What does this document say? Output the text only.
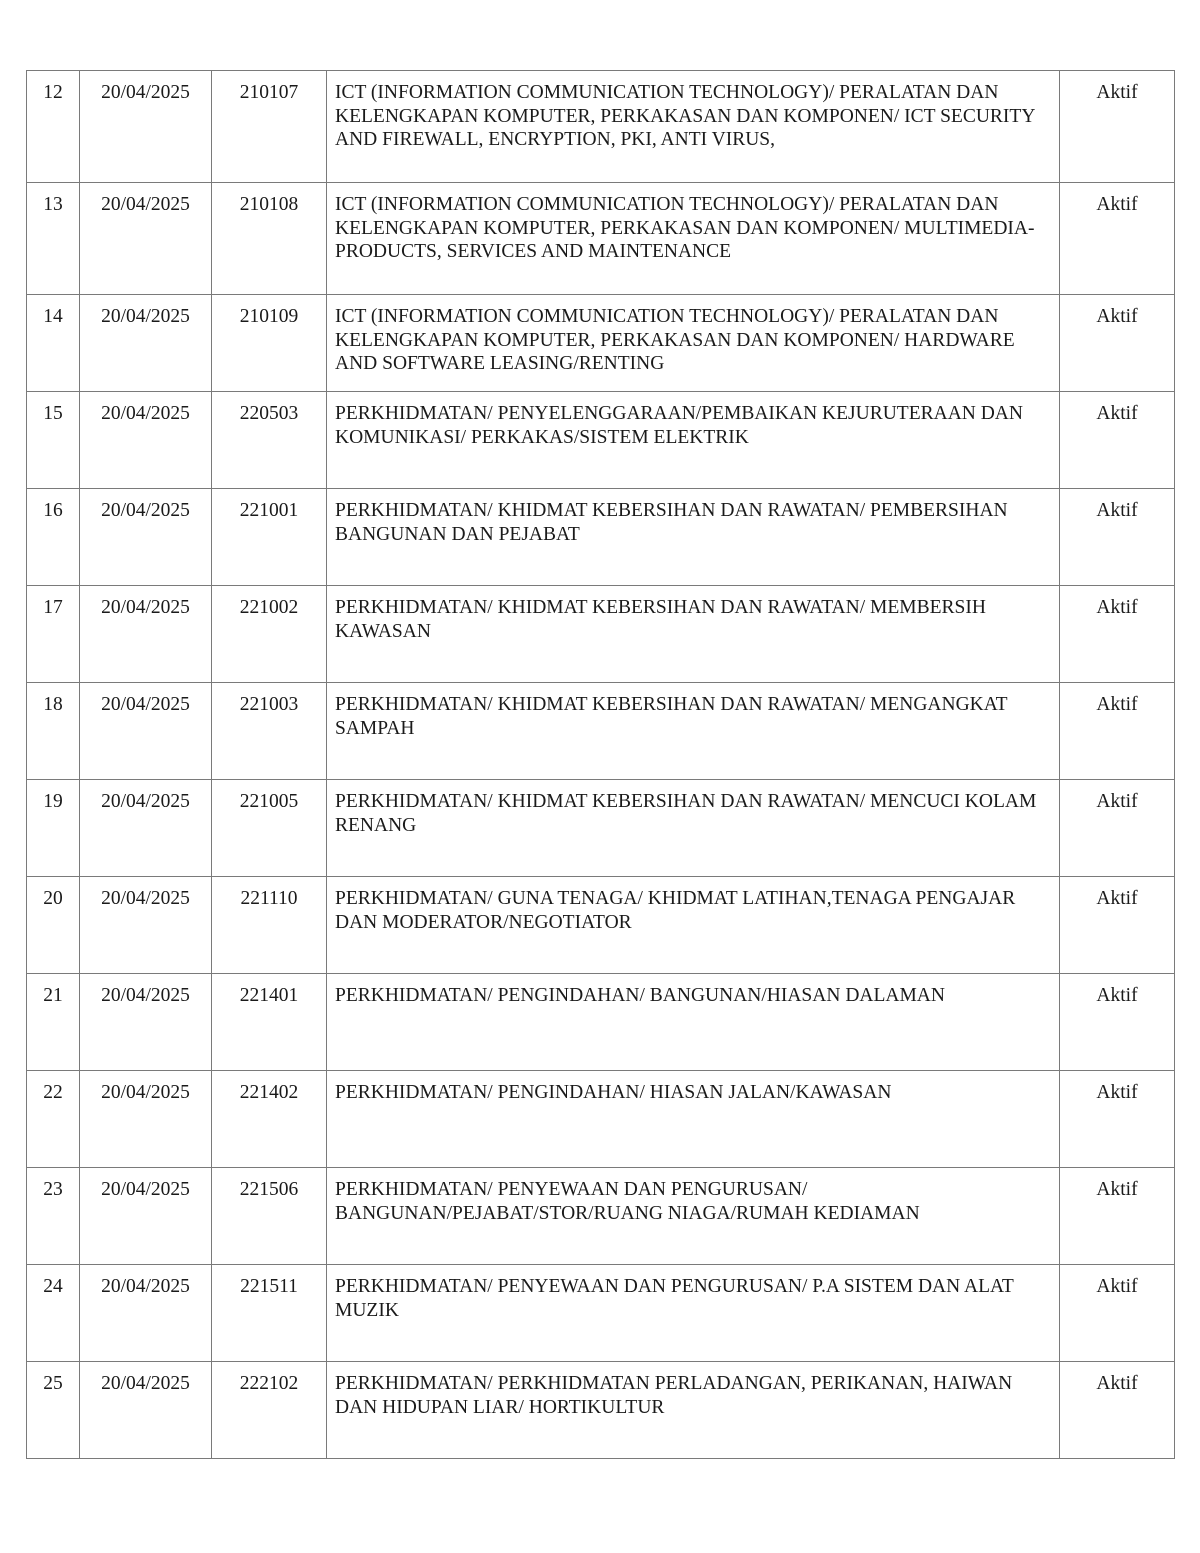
12	20/04/2025	210107	ICT (INFORMATION COMMUNICATION TECHNOLOGY)/ PERALATAN DAN KELENGKAPAN KOMPUTER, PERKAKASAN DAN KOMPONEN/ ICT SECURITY AND FIREWALL, ENCRYPTION, PKI, ANTI VIRUS,	Aktif
13	20/04/2025	210108	ICT (INFORMATION COMMUNICATION TECHNOLOGY)/ PERALATAN DAN KELENGKAPAN KOMPUTER, PERKAKASAN DAN KOMPONEN/ MULTIMEDIA-PRODUCTS, SERVICES AND MAINTENANCE	Aktif
14	20/04/2025	210109	ICT (INFORMATION COMMUNICATION TECHNOLOGY)/ PERALATAN DAN KELENGKAPAN KOMPUTER, PERKAKASAN DAN KOMPONEN/ HARDWARE AND SOFTWARE LEASING/RENTING	Aktif
15	20/04/2025	220503	PERKHIDMATAN/ PENYELENGGARAAN/PEMBAIKAN KEJURUTERAAN DAN KOMUNIKASI/ PERKAKAS/SISTEM ELEKTRIK	Aktif
16	20/04/2025	221001	PERKHIDMATAN/ KHIDMAT KEBERSIHAN DAN RAWATAN/ PEMBERSIHAN BANGUNAN DAN PEJABAT	Aktif
17	20/04/2025	221002	PERKHIDMATAN/ KHIDMAT KEBERSIHAN DAN RAWATAN/ MEMBERSIH KAWASAN	Aktif
18	20/04/2025	221003	PERKHIDMATAN/ KHIDMAT KEBERSIHAN DAN RAWATAN/ MENGANGKAT SAMPAH	Aktif
19	20/04/2025	221005	PERKHIDMATAN/ KHIDMAT KEBERSIHAN DAN RAWATAN/ MENCUCI KOLAM RENANG	Aktif
20	20/04/2025	221110	PERKHIDMATAN/ GUNA TENAGA/ KHIDMAT LATIHAN,TENAGA PENGAJAR DAN MODERATOR/NEGOTIATOR	Aktif
21	20/04/2025	221401	PERKHIDMATAN/ PENGINDAHAN/ BANGUNAN/HIASAN DALAMAN	Aktif
22	20/04/2025	221402	PERKHIDMATAN/ PENGINDAHAN/ HIASAN JALAN/KAWASAN	Aktif
23	20/04/2025	221506	PERKHIDMATAN/ PENYEWAAN DAN PENGURUSAN/ BANGUNAN/PEJABAT/STOR/RUANG NIAGA/RUMAH KEDIAMAN	Aktif
24	20/04/2025	221511	PERKHIDMATAN/ PENYEWAAN DAN PENGURUSAN/ P.A SISTEM DAN ALAT MUZIK	Aktif
25	20/04/2025	222102	PERKHIDMATAN/ PERKHIDMATAN PERLADANGAN, PERIKANAN, HAIWAN DAN HIDUPAN LIAR/ HORTIKULTUR	Aktif
